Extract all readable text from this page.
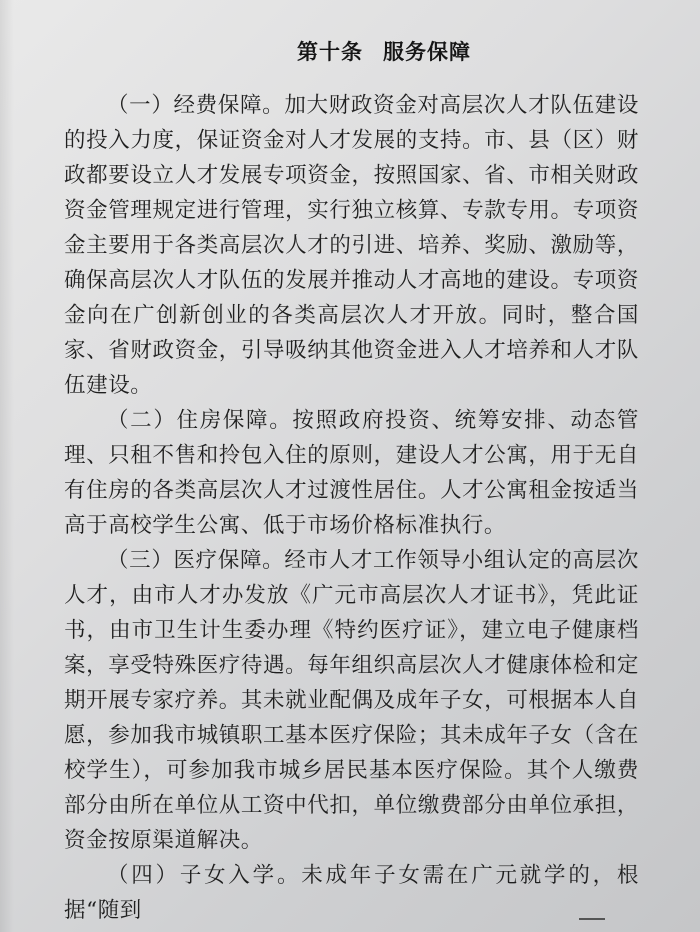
第十条 服务保障

（一）经费保障。加大财政资金对高层次人才队伍建设的投入力度，保证资金对人才发展的支持。市、县（区）财政都要设立人才发展专项资金，按照国家、省、市相关财政资金管理规定进行管理，实行独立核算、专款专用。专项资金主要用于各类高层次人才的引进、培养、奖励、激励等，确保高层次人才队伍的发展并推动人才高地的建设。专项资金向在广创新创业的各类高层次人才开放。同时，整合国家、省财政资金，引导吸纳其他资金进入人才培养和人才队伍建设。

（二）住房保障。按照政府投资、统筹安排、动态管理、只租不售和拎包入住的原则，建设人才公寓，用于无自有住房的各类高层次人才过渡性居住。人才公寓租金按适当高于高校学生公寓、低于市场价格标准执行。

（三）医疗保障。经市人才工作领导小组认定的高层次人才，由市人才办发放《广元市高层次人才证书》，凭此证书，由市卫生计生委办理《特约医疗证》，建立电子健康档案，享受特殊医疗待遇。每年组织高层次人才健康体检和定期开展专家疗养。其未就业配偶及成年子女，可根据本人自愿，参加我市城镇职工基本医疗保险；其未成年子女（含在校学生），可参加我市城乡居民基本医疗保险。其个人缴费部分由所在单位从工资中代扣，单位缴费部分由单位承担，资金按原渠道解决。

（四）子女入学。未成年子女需在广元就学的，根据“随到
